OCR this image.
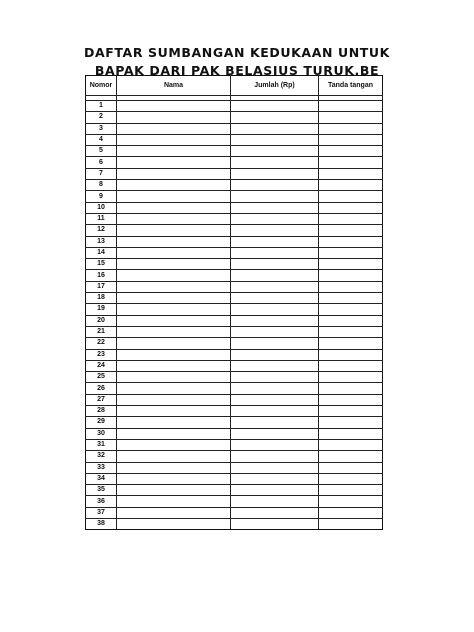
DAFTAR SUMBANGAN KEDUKAAN UNTUK
BAPAK DARI PAK BELASIUS TURUK.BE
Nomor	Nama	Jumlah (Rp)	Tanda tangan

1			
2			
3			
4			
5			
6			
7			
8			
9			
10			
11			
12			
13			
14			
15			
16			
17			
18			
19			
20			
21			
22			
23			
24			
25			
26			
27			
28			
29			
30			
31			
32			
33			
34			
35			
36			
37			
38			
